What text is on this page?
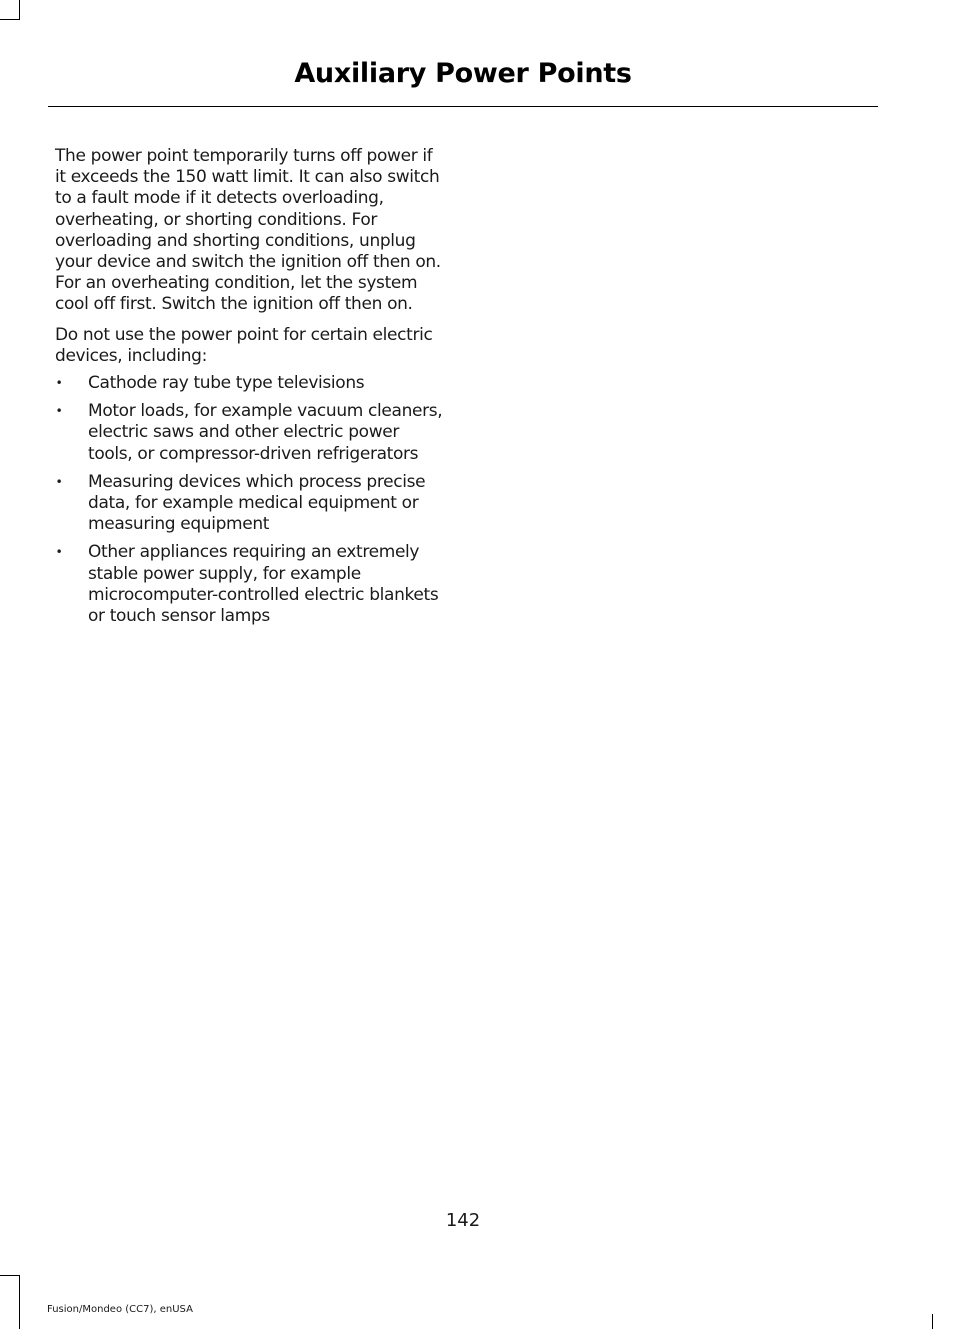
Auxiliary Power Points

The power point temporarily turns off power if it exceeds the 150 watt limit. It can also switch to a fault mode if it detects overloading, overheating, or shorting conditions. For overloading and shorting conditions, unplug your device and switch the ignition off then on. For an overheating condition, let the system cool off first. Switch the ignition off then on.

Do not use the power point for certain electric devices, including:

• Cathode ray tube type televisions
• Motor loads, for example vacuum cleaners, electric saws and other electric power tools, or compressor-driven refrigerators
• Measuring devices which process precise data, for example medical equipment or measuring equipment
• Other appliances requiring an extremely stable power supply, for example microcomputer-controlled electric blankets or touch sensor lamps
142
Fusion/Mondeo (CC7), enUSA
